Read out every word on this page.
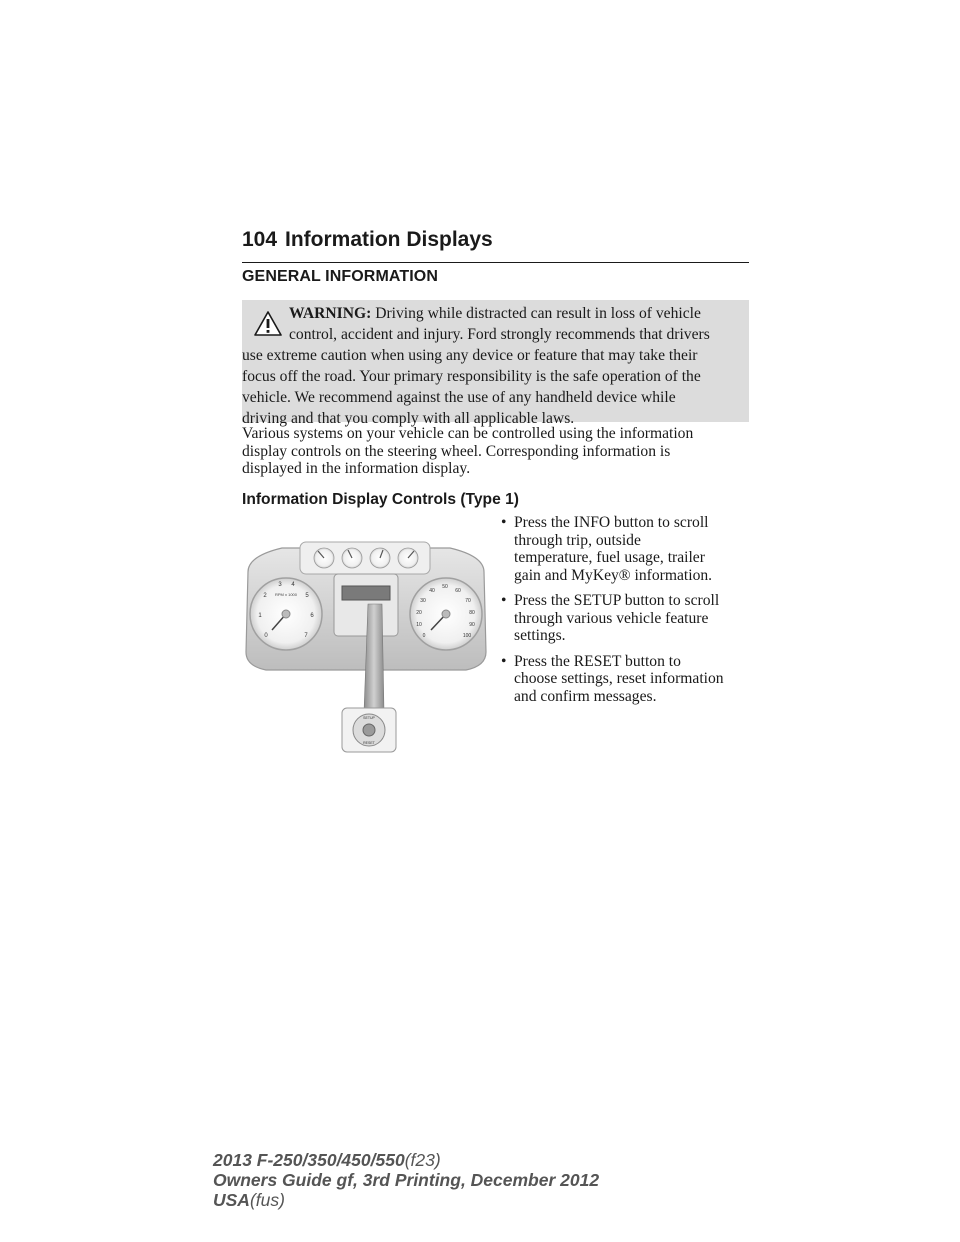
104 Information Displays
GENERAL INFORMATION
WARNING: Driving while distracted can result in loss of vehicle
control, accident and injury. Ford strongly recommends that drivers
use extreme caution when using any device or feature that may take their
focus off the road. Your primary responsibility is the safe operation of the
vehicle. We recommend against the use of any handheld device while
driving and that you comply with all applicable laws.
Various systems on your vehicle can be controlled using the information
display controls on the steering wheel. Corresponding information is
displayed in the information display.
Information Display Controls (Type 1)
• Press the INFO button to scroll
through trip, outside
temperature, fuel usage, trailer
gain and MyKey® information.
• Press the SETUP button to scroll
through various vehicle feature
settings.
• Press the RESET button to
choose settings, reset information
and confirm messages.
0
1
2
3 4
5
6
7
RPM x 1000
0
10
20
30
40
50
60
70
80
90
100
SETUP
RESET
2013 F-250/350/450/550(f23)
Owners Guide gf, 3rd Printing, December 2012
USA(fus)
